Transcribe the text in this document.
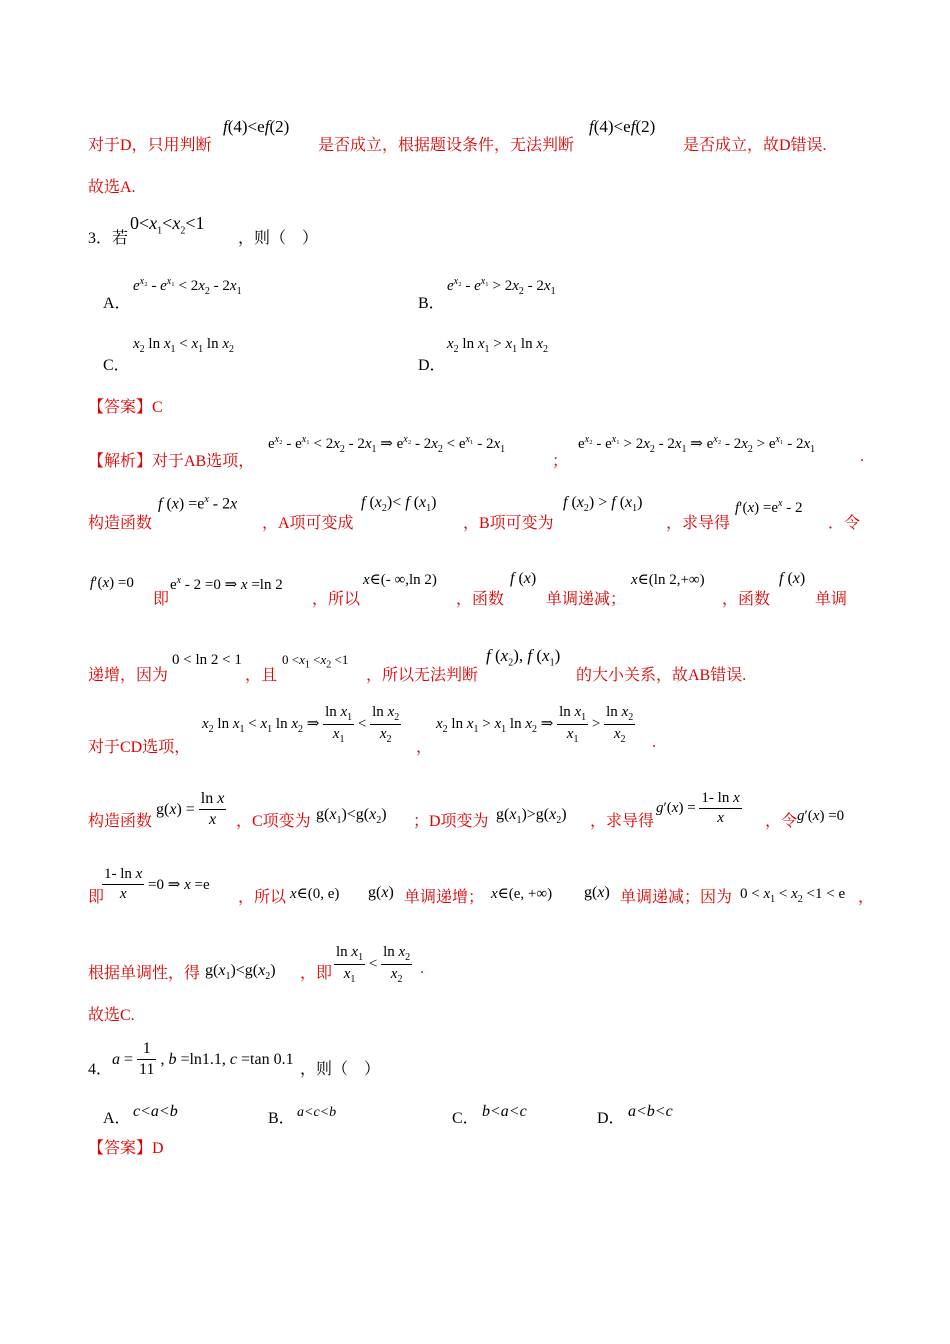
对于D，只用判断
f(4)<ef(2)
是否成立，根据题设条件，无法判断
f(4)<ef(2)
是否成立，故D错误.
故选A.
3．若
$0<x_1<x_2<1$
，则（　）
A．
$e^{x_2} - e^{x_1} < 2x_2 - 2x_1$
B．
$e^{x_2} - e^{x_1} > 2x_2 - 2x_1$
C．
$x_2$ $\ln x_1 < x_1$ $\ln x_2$
D．
$x_2$ $\ln x_1 > x_1$ $\ln x_2$
【答案】C
【解析】 对于AB选项，
$e^{x_2} - e^{x_1} < 2x_2 - 2x_1$ ⇒ $e^{x_2} - 2x_2 < e^{x_1} - 2x_1$
；
$e^{x_2} - e^{x_1} > 2x_2 - 2x_1$ ⇒ $e^{x_2} - 2x_2 > e^{x_1} - 2x_1$	.
构造函数
f $(x) =e^x - 2x$
，A项可变成
f $(x_2)< f$ $(x_1)$
，B项可变为
f $(x_2) > f$ $(x_1)$
，求导得
$f'(x) =e^x - 2$
．令
f′(x) =0
即
$e^x - 2 =0$ ⇒ x =ln 2
，所以
x∈(- ∞,ln 2)
，函数
f (x)
单调递减；
x∈(ln 2,+∞)
，函数
f (x)
单调
递增，因为
0 < ln 2 < 1
，且
$0 <x_1 <x_2 <1$
，所以无法判断
f $(x_2)$, f $(x_1)$
的大小关系，故AB错误.
对于CD选项，
$x_2$ $\ln x_1 < x_1$ $\ln x_2$ ⇒ $\frac{\ln x_1}{x_1} < \frac{\ln x_2}{x_2}$
，
$x_2$ $\ln x_1 > x_1$ $\ln x_2$ ⇒ $\frac{\ln x_1}{x_1} > \frac{\ln x_2}{x_2}$ .
构造函数
$g(x) = \frac{\text{ln x}}{x}$ ，C项变为 $g(x_1)<g(x_2)$ ；D项变为 $g(x_1)>g(x_2)$ ，求导得
$g'(x) = \frac{\text{1- ln x}}{x}$ ，令 g′(x) =0
即
$\frac{\text{1- ln x}}{x} =0$ ⇒ x =e
，所以 x∈(0, e) g(x) 单调递增； x∈(e, +∞) g(x) 单调递减；因为 $0 < x_1 < x_2 <1 < e$ ，
根据单调性，得 $g(x_1)<g(x_2)$ ，即 $\frac{\ln x_1}{x_1} < \frac{\ln x_2}{x_2}$ .
故选C.
4．
$a = \frac{1}{11}$ , b =ln1.1, c =tan 0.1
，则（　）
A． c<a<b	B． a<c<b	C． b<a<c	D． a<b<c
【答案】D
